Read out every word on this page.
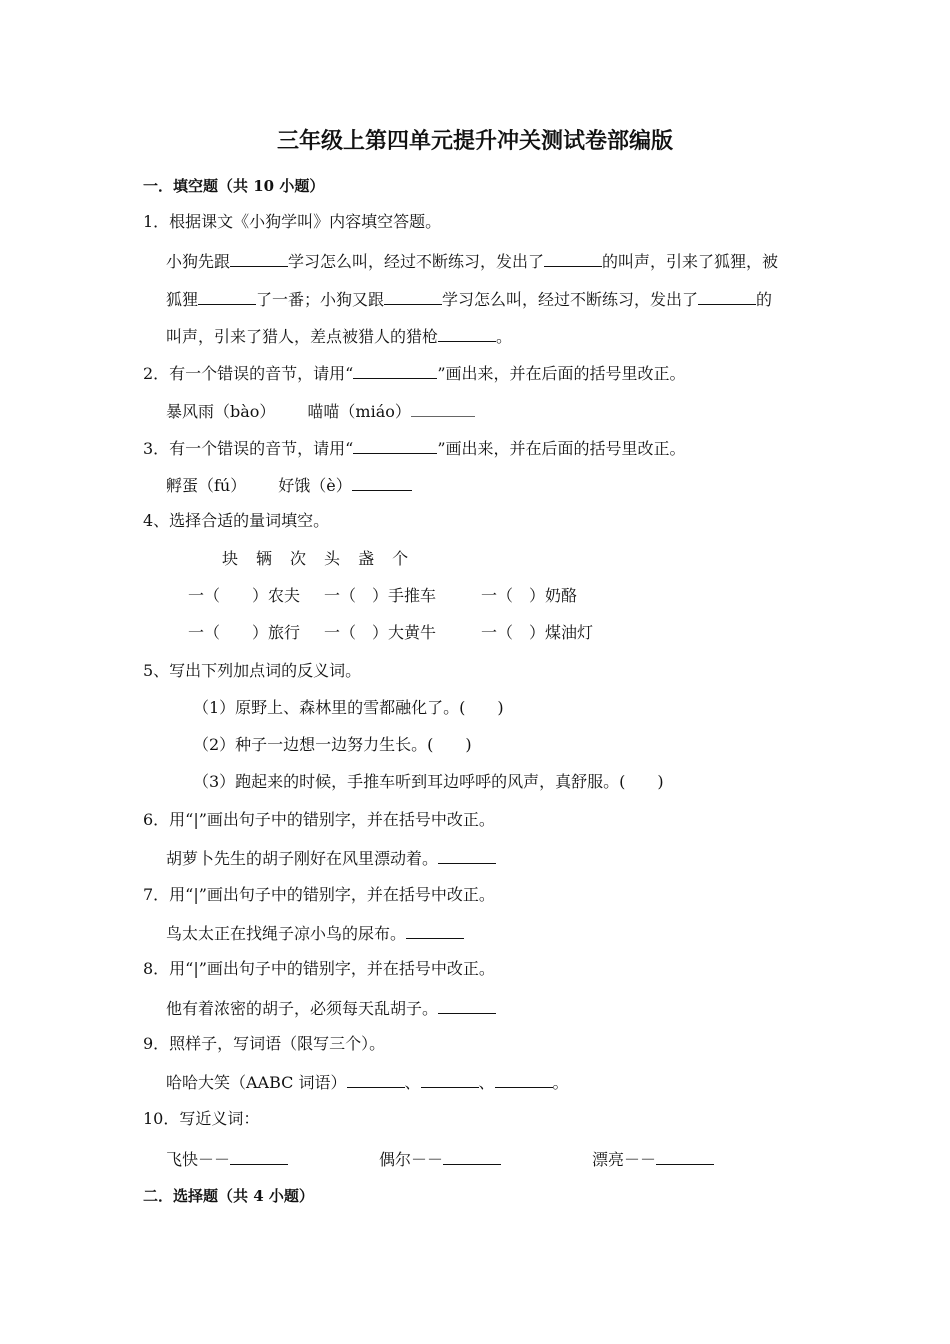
三年级上第四单元提升冲关测试卷部编版
一．填空题（共 10 小题）
1．根据课文《小狗学叫》内容填空答题。
小狗先跟	学习怎么叫，经过不断练习，发出了	的叫声，引来了狐狸，被
狐狸	了一番；小狗又跟	学习怎么叫，经过不断练习，发出了	的
叫声，引来了猎人，差点被猎人的猎枪	。
2．有一个错误的音节，请用“	”画出来，并在后面的括号里改正。
暴风雨（bào） 喵喵（miáo）
3．有一个错误的音节，请用“	”画出来，并在后面的括号里改正。
孵蛋（fú） 好饿（è）
4、选择合适的量词填空。
块 辆 次 头 盏 个
一（　　）农夫 一（　）手推车	一（　）奶酪
一（　　）旅行 一（　）大黄牛	一（　）煤油灯
5、写出下列加点词的反义词。
（1）原野上、森林里的雪都融化了。(　　)
（2）种子一边想一边努力生长。(　　)
（3）跑起来的时候，手推车听到耳边呼呼的风声，真舒服。(　　)
6．用“|”画出句子中的错别字，并在括号中改正。
胡萝卜先生的胡子刚好在风里漂动着。
7．用“|”画出句子中的错别字，并在括号中改正。
鸟太太正在找绳子凉小鸟的尿布。
8．用“|”画出句子中的错别字，并在括号中改正。
他有着浓密的胡子，必须每天乱胡子。
9．照样子，写词语（限写三个）。
哈哈大笑（AABC 词语）	、	、	。
10．写近义词：
飞快－－	偶尔－－	漂亮－－
二．选择题（共 4 小题）
